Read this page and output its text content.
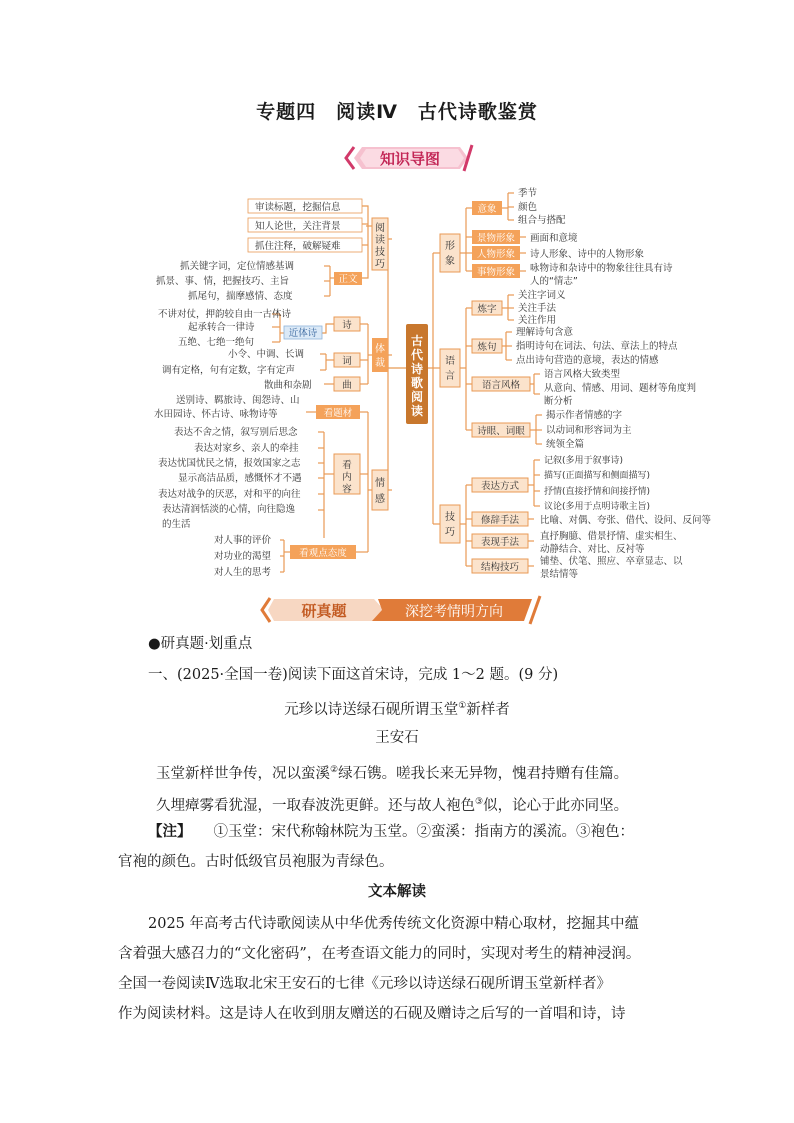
专题四　阅读Ⅳ　古代诗歌鉴赏
知识导图
古
代
诗
歌
阅
读
阅
读
技
巧
审读标题，挖掘信息
知人论世，关注背景
抓住注释，破解疑难
正文
抓关键字词，定位情感基调
抓景、事、情，把握技巧、主旨
抓尾句，揣摩感情、态度
体
裁
诗
近体诗
不讲对仗，押韵较自由一古体诗
起承转合一律诗
五绝、七绝一绝句
词
小令、中调、长调
调有定格，句有定数，字有定声
曲
散曲和杂剧
情
感
看题材
送别诗、羁旅诗、闺怨诗、山
水田园诗、怀古诗、咏物诗等
看
内
容
表达不舍之情，叙写别后思念
表达对家乡、亲人的牵挂
表达忧国忧民之情，报效国家之志
显示高洁品质，感慨怀才不遇
表达对战争的厌恶，对和平的向往
表达清润恬淡的心情，向往隐逸
的生活
看观点态度
对人事的评价
对功业的渴望
对人生的思考
形
象
意象
季节
颜色
组合与搭配
景物形象 画面和意境
人物形象 诗人形象、诗中的人物形象
事物形象 咏物诗和杂诗中的物象往往具有诗
人的“情志”
语
言
炼字
关注字词义
关注手法
关注作用
炼句
理解诗句含意
指明诗句在词法、句法、章法上的特点
点出诗句营造的意境，表达的情感
语言风格
语言风格大致类型
从意向、情感、用词、题材等角度判
断分析
诗眼、词眼
揭示作者情感的字
以动词和形容词为主
统领全篇
技
巧
表达方式
记叙(多用于叙事诗)
描写(正面描写和侧面描写)
抒情(直接抒情和间接抒情)
议论(多用于点明诗歌主旨)
修辞手法 比喻、对偶、夸张、借代、设问、反问等
表现手法
直抒胸臆、借景抒情、虚实相生、
动静结合、对比、反衬等
结构技巧
铺垫、伏笔、照应、卒章显志、以
景结情等
研真题	深挖考情明方向
●研真题·划重点
一、(2025·全国一卷)阅读下面这首宋诗，完成 1～2 题。(9 分)
元珍以诗送绿石砚所谓玉堂①新样者
王安石
玉堂新样世争传，况以蛮溪②绿石镌。嗟我长来无异物，愧君持赠有佳篇。
久埋瘴雾看犹湿，一取春波洗更鲜。还与故人袍色③似，论心于此亦同坚。
【注】 ①玉堂：宋代称翰林院为玉堂。②蛮溪：指南方的溪流。③袍色：
官袍的颜色。古时低级官员袍服为青绿色。
文本解读
2025 年高考古代诗歌阅读从中华优秀传统文化资源中精心取材，挖掘其中蕴
含着强大感召力的“文化密码”，在考查语文能力的同时，实现对考生的精神浸润。
全国一卷阅读Ⅳ选取北宋王安石的七律《元珍以诗送绿石砚所谓玉堂新样者》
作为阅读材料。这是诗人在收到朋友赠送的石砚及赠诗之后写的一首唱和诗，诗
